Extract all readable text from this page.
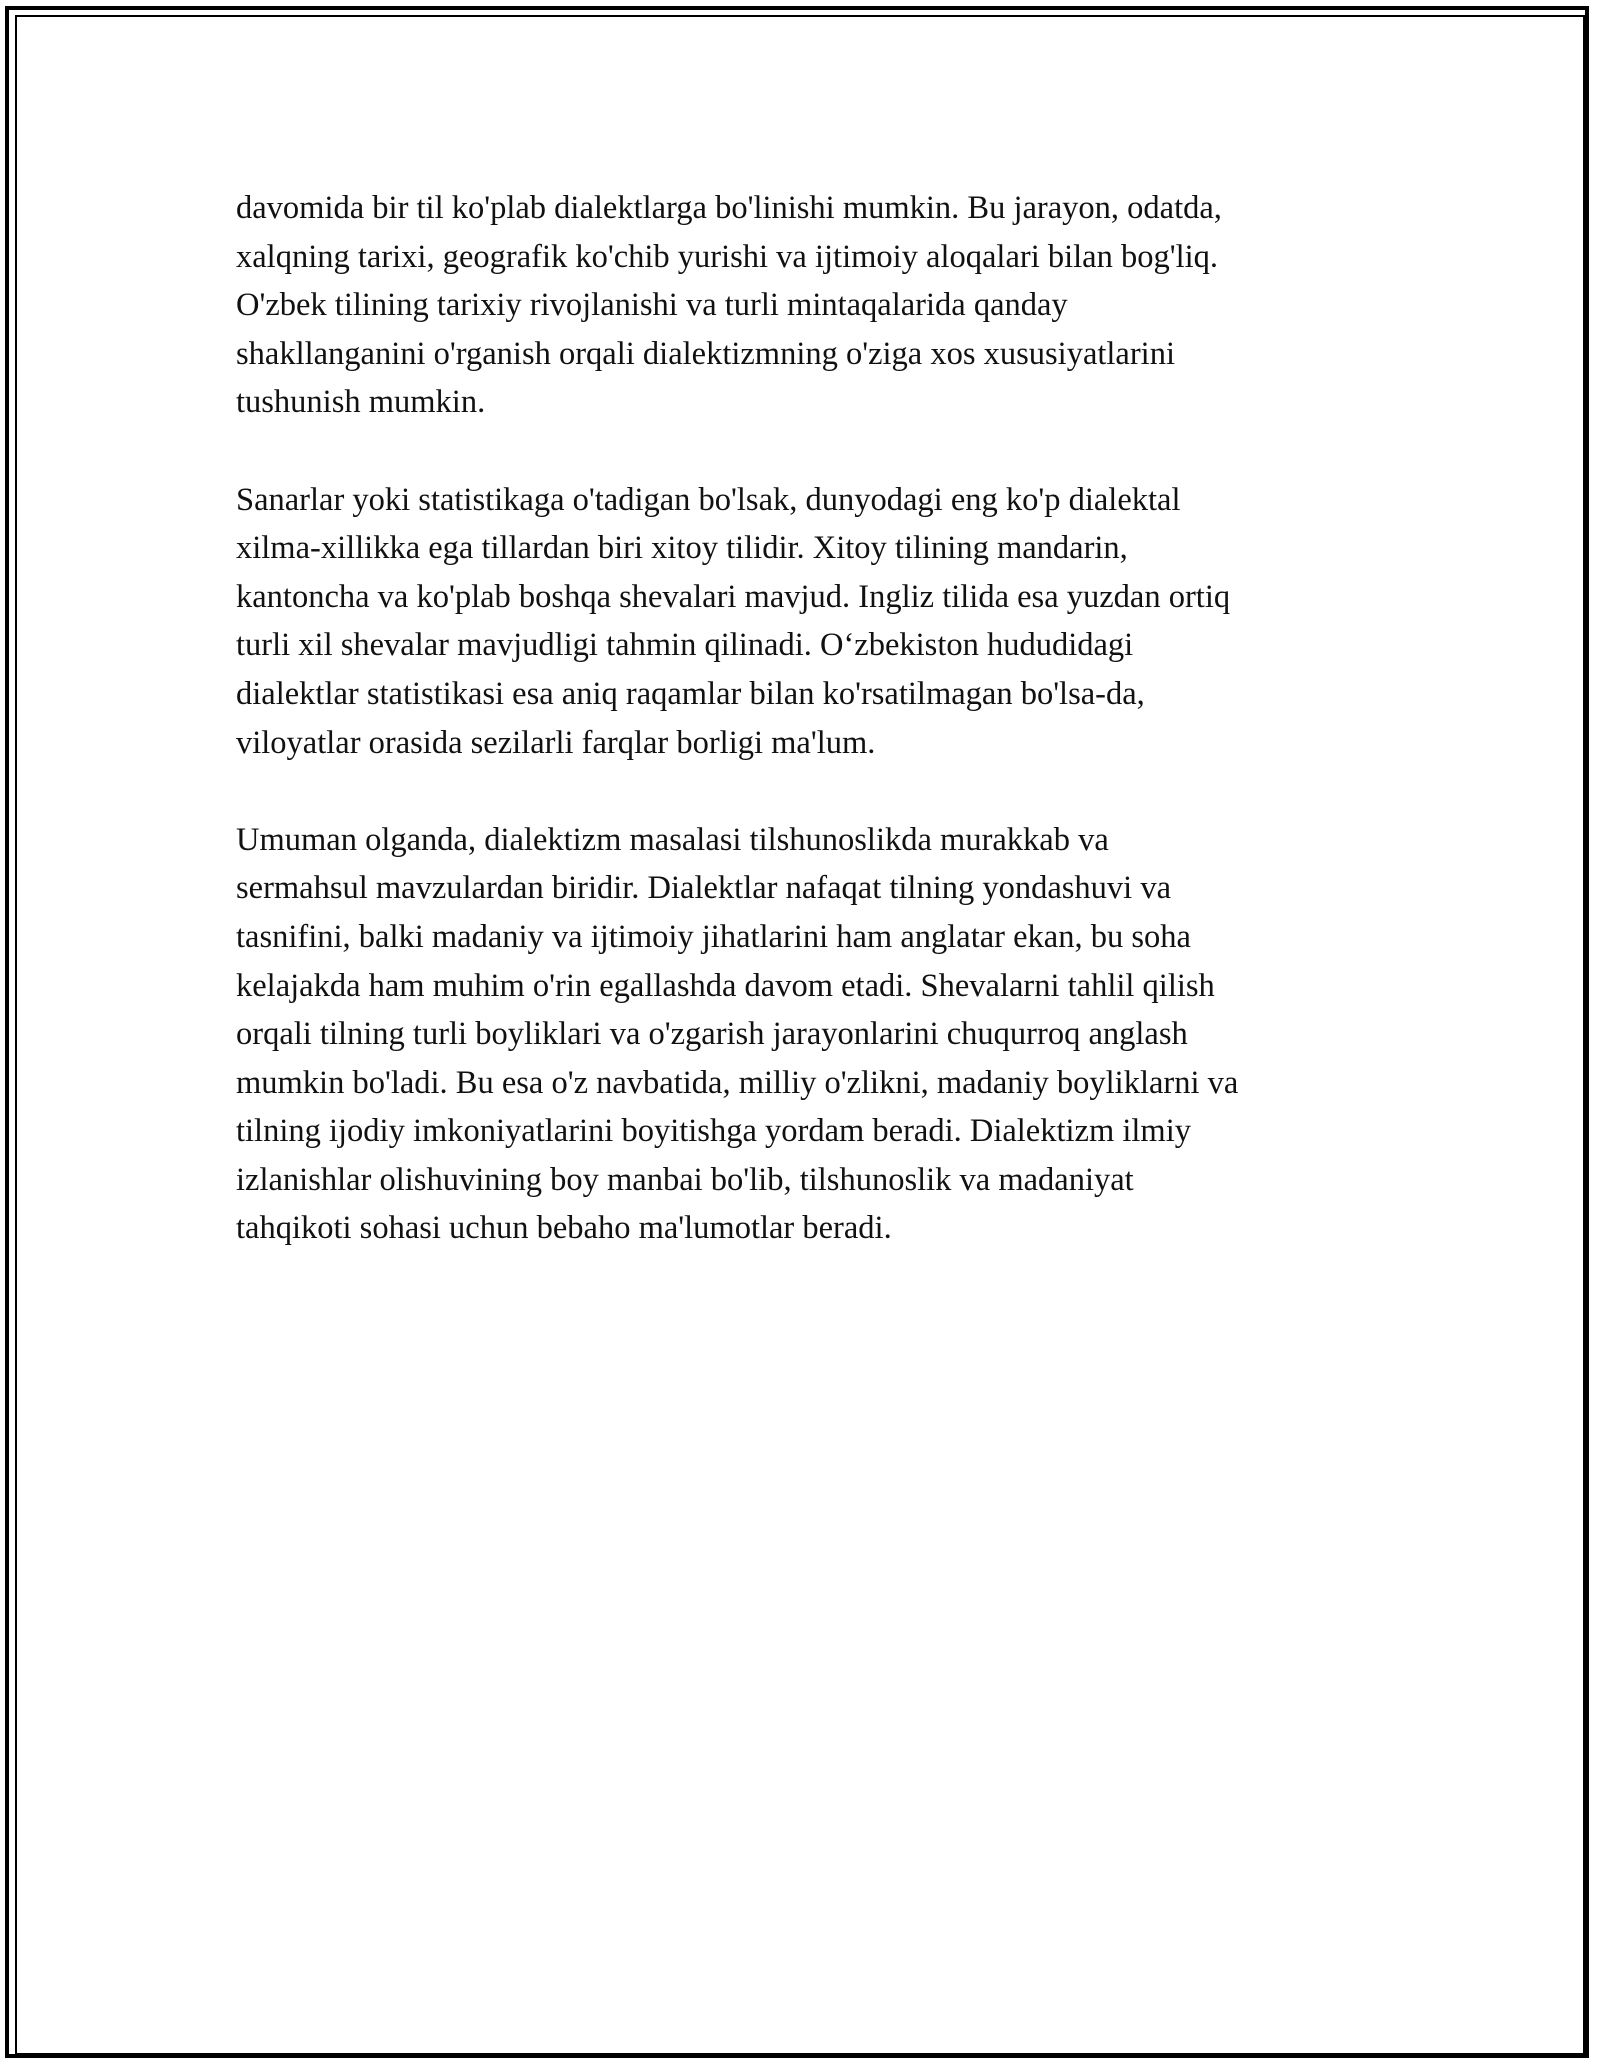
davomida bir til ko'plab dialektlarga bo'linishi mumkin. Bu jarayon, odatda,
xalqning tarixi, geografik ko'chib yurishi va ijtimoiy aloqalari bilan bog'liq.
O'zbek tilining tarixiy rivojlanishi va turli mintaqalarida qanday
shakllanganini o'rganish orqali dialektizmning o'ziga xos xususiyatlarini
tushunish mumkin.

Sanarlar yoki statistikaga o'tadigan bo'lsak, dunyodagi eng ko'p dialektal
xilma-xillikka ega tillardan biri xitoy tilidir. Xitoy tilining mandarin,
kantoncha va ko'plab boshqa shevalari mavjud. Ingliz tilida esa yuzdan ortiq
turli xil shevalar mavjudligi tahmin qilinadi. O‘zbekiston hududidagi
dialektlar statistikasi esa aniq raqamlar bilan ko'rsatilmagan bo'lsa-da,
viloyatlar orasida sezilarli farqlar borligi ma'lum.

Umuman olganda, dialektizm masalasi tilshunoslikda murakkab va
sermahsul mavzulardan biridir. Dialektlar nafaqat tilning yondashuvi va
tasnifini, balki madaniy va ijtimoiy jihatlarini ham anglatar ekan, bu soha
kelajakda ham muhim o'rin egallashda davom etadi. Shevalarni tahlil qilish
orqali tilning turli boyliklari va o'zgarish jarayonlarini chuqurroq anglash
mumkin bo'ladi. Bu esa o'z navbatida, milliy o'zlikni, madaniy boyliklarni va
tilning ijodiy imkoniyatlarini boyitishga yordam beradi. Dialektizm ilmiy
izlanishlar olishuvining boy manbai bo'lib, tilshunoslik va madaniyat
tahqikoti sohasi uchun bebaho ma'lumotlar beradi.
